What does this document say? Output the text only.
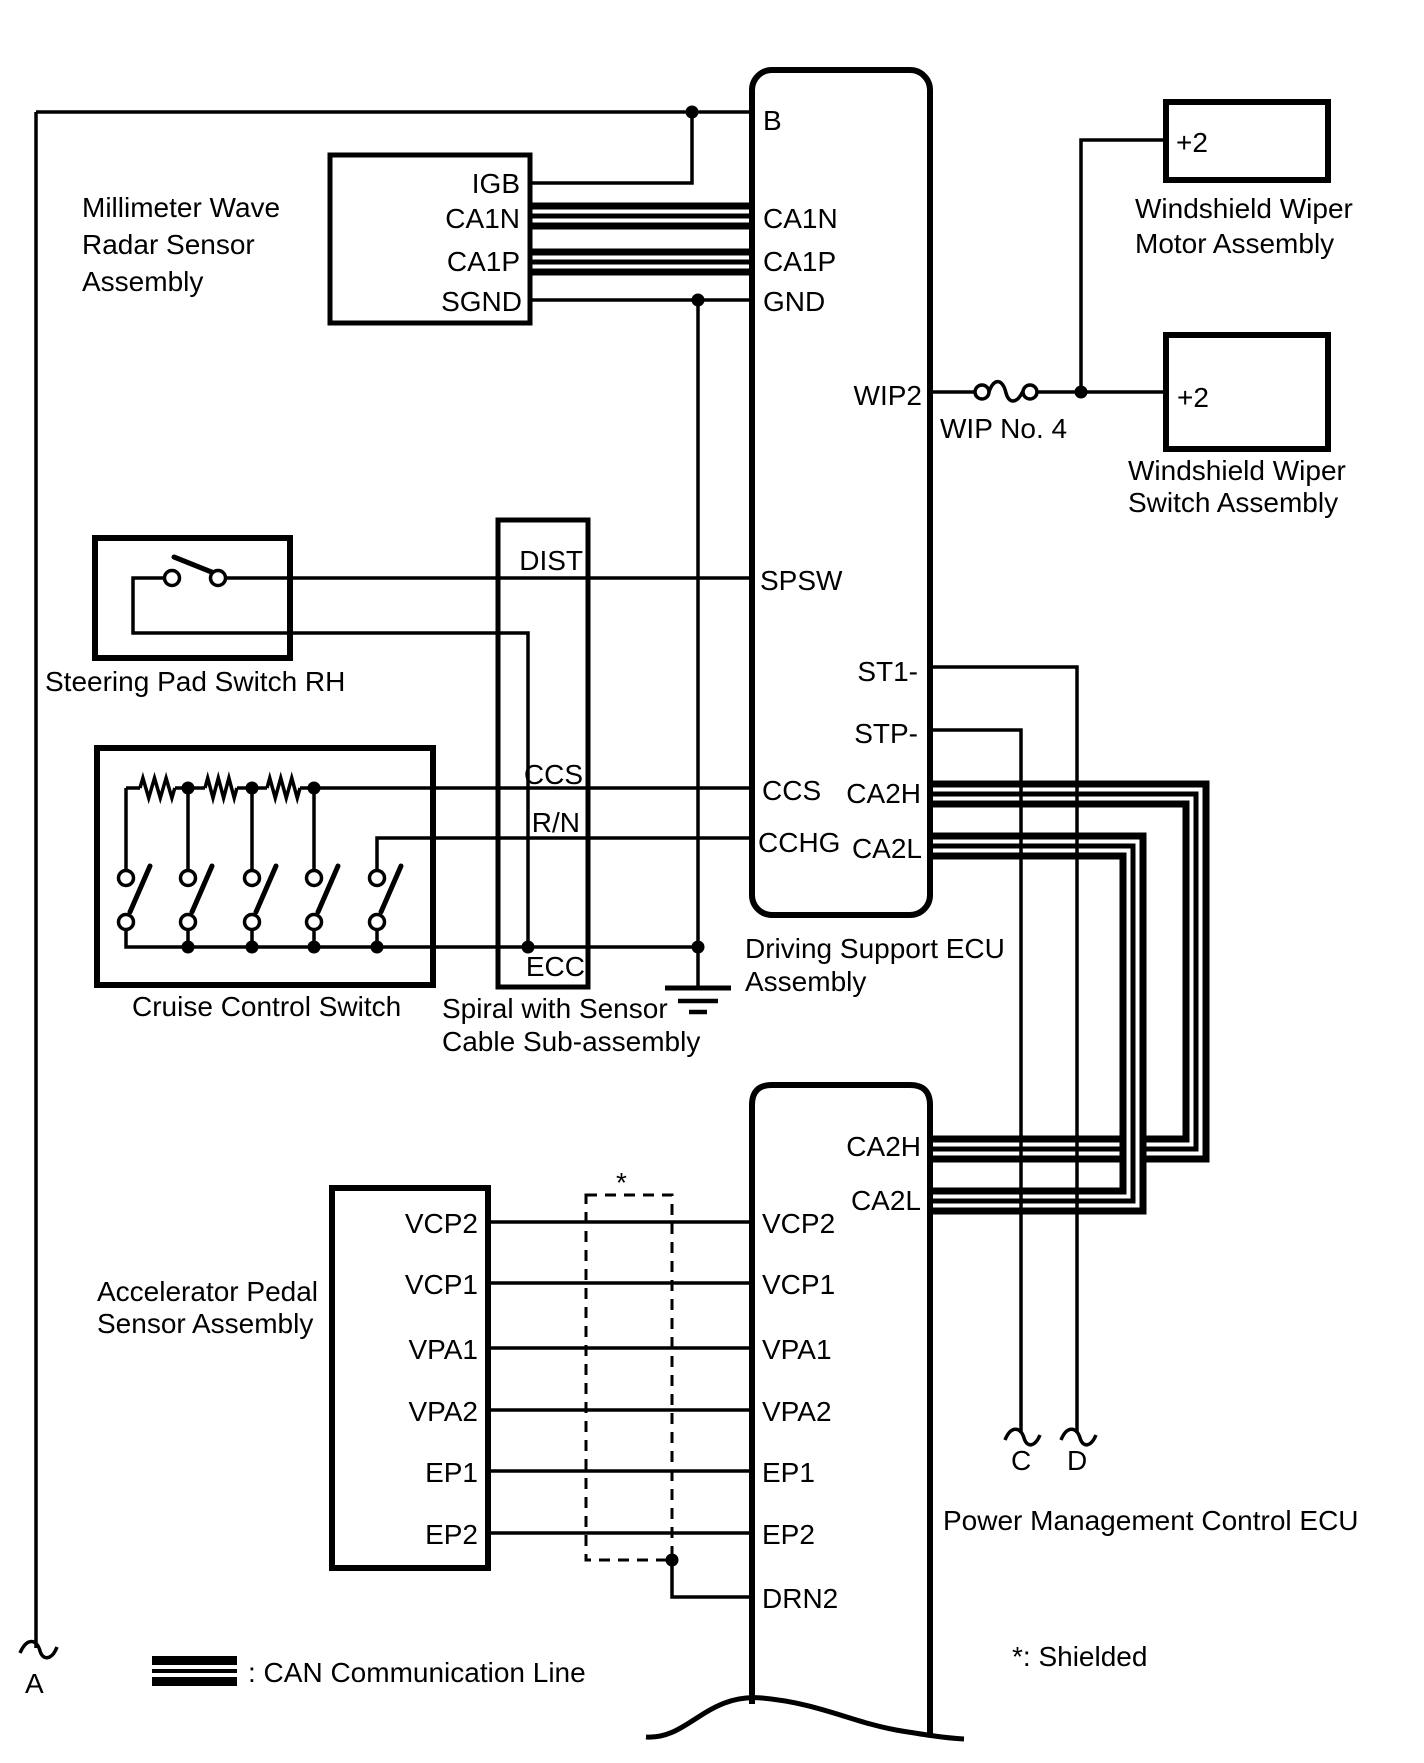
Millimeter Wave
Radar Sensor
Assembly
IGB
CA1N
CA1P
SGND
B
CA1N
CA1P
GND
SPSW
CCS
CCHG
WIP2
ST1-
STP-
CA2H
CA2L
Driving Support ECU
Assembly
VCP2
VCP1
VPA1
VPA2
EP1
EP2
DRN2
CA2H
CA2L
Power Management Control ECU
+2
Windshield Wiper
Motor Assembly
+2
Windshield Wiper
Switch Assembly
WIP No. 4
Steering Pad Switch RH
Cruise Control Switch
DIST
CCS
R/N
ECC
Spiral with Sensor
Cable Sub-assembly
Accelerator Pedal
Sensor Assembly
VCP2
VCP1
VPA1
VPA2
EP1
EP2
A
C D
*
*: Shielded
: CAN Communication Line
